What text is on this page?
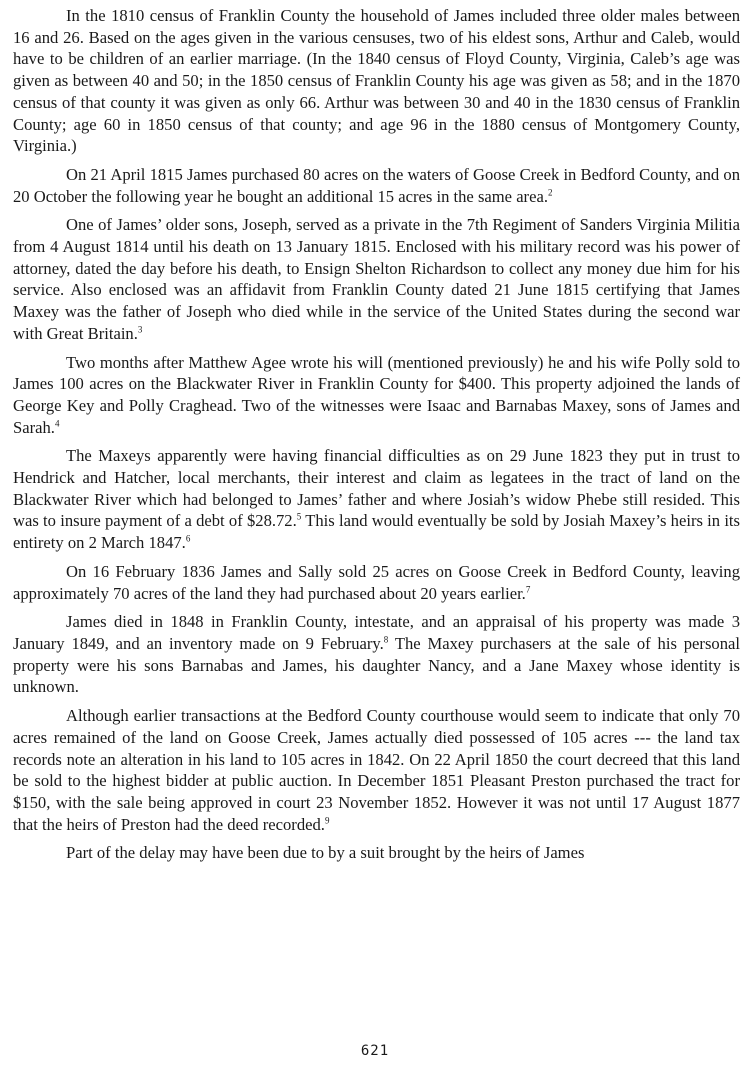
In the 1810 census of Franklin County the household of James included three older males between 16 and 26. Based on the ages given in the various censuses, two of his eldest sons, Arthur and Caleb, would have to be children of an earlier marriage. (In the 1840 census of Floyd County, Virginia, Caleb’s age was given as between 40 and 50; in the 1850 census of Franklin County his age was given as 58; and in the 1870 census of that county it was given as only 66. Arthur was between 30 and 40 in the 1830 census of Franklin County; age 60 in 1850 census of that county; and age 96 in the 1880 census of Montgomery County, Virginia.)

On 21 April 1815 James purchased 80 acres on the waters of Goose Creek in Bedford County, and on 20 October the following year he bought an additional 15 acres in the same area.$^2$

One of James’ older sons, Joseph, served as a private in the 7th Regiment of Sanders Virginia Militia from 4 August 1814 until his death on 13 January 1815. Enclosed with his military record was his power of attorney, dated the day before his death, to Ensign Shelton Richardson to collect any money due him for his service. Also enclosed was an affidavit from Franklin County dated 21 June 1815 certifying that James Maxey was the father of Joseph who died while in the service of the United States during the second war with Great Britain.$^3$

Two months after Matthew Agee wrote his will (mentioned previously) he and his wife Polly sold to James 100 acres on the Blackwater River in Franklin County for $400. This property adjoined the lands of George Key and Polly Craghead. Two of the witnesses were Isaac and Barnabas Maxey, sons of James and Sarah.$^4$

The Maxeys apparently were having financial difficulties as on 29 June 1823 they put in trust to Hendrick and Hatcher, local merchants, their interest and claim as legatees in the tract of land on the Blackwater River which had belonged to James’ father and where Josiah’s widow Phebe still resided. This was to insure payment of a debt of $28.72.$^5$ This land would eventually be sold by Josiah Maxey’s heirs in its entirety on 2 March 1847.$^6$

On 16 February 1836 James and Sally sold 25 acres on Goose Creek in Bedford County, leaving approximately 70 acres of the land they had purchased about 20 years earlier.$^7$

James died in 1848 in Franklin County, intestate, and an appraisal of his property was made 3 January 1849, and an inventory made on 9 February.$^8$ The Maxey purchasers at the sale of his personal property were his sons Barnabas and James, his daughter Nancy, and a Jane Maxey whose identity is unknown.

Although earlier transactions at the Bedford County courthouse would seem to indicate that only 70 acres remained of the land on Goose Creek, James actually died possessed of 105 acres --- the land tax records note an alteration in his land to 105 acres in 1842. On 22 April 1850 the court decreed that this land be sold to the highest bidder at public auction. In December 1851 Pleasant Preston purchased the tract for $150, with the sale being approved in court 23 November 1852. However it was not until 17 August 1877 that the heirs of Preston had the deed recorded.$^9$

Part of the delay may have been due to by a suit brought by the heirs of James

621
